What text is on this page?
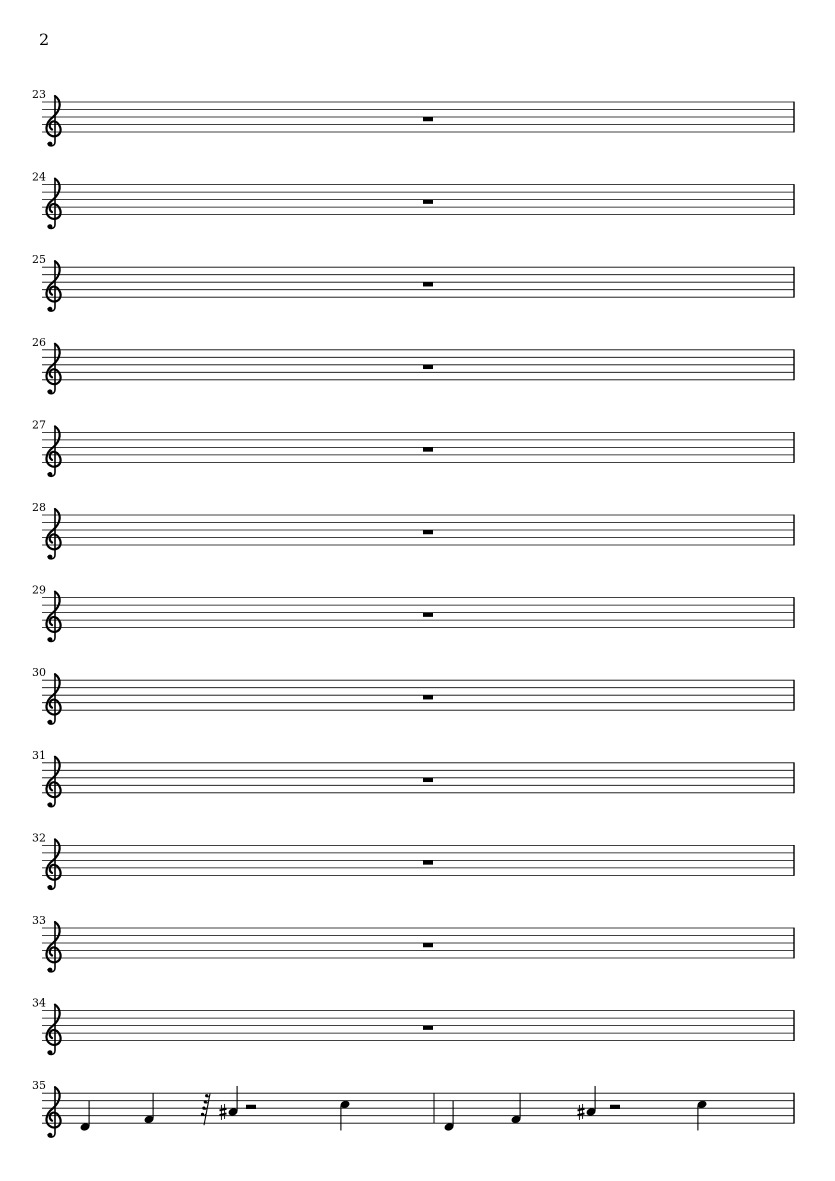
2
23
24
25
26
27
28
29
30
31
32
33
34
35
